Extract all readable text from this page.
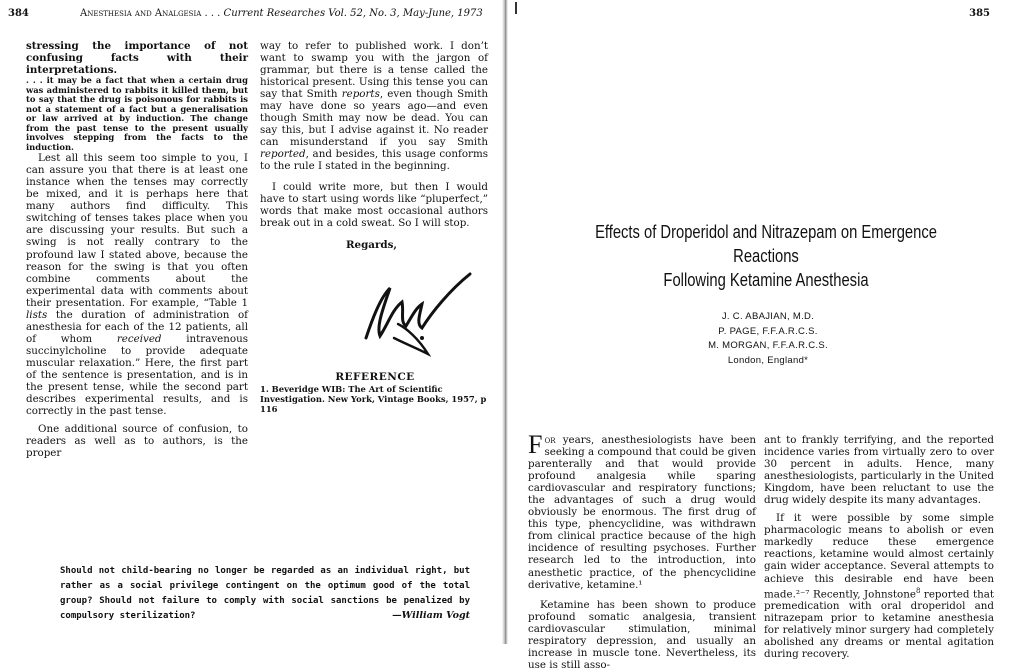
384	Anesthesia and Analgesia . . . Current Researches Vol. 52, No. 3, May-June, 1973

stressing the importance of not confusing facts with their interpretations.

. . . it may be a fact that when a certain drug was administered to rabbits it killed them, but to say that the drug is poisonous for rabbits is not a statement of a fact but a generalisation or law arrived at by induction. The change from the past tense to the present usually involves stepping from the facts to the induction.

Lest all this seem too simple to you, I can assure you that there is at least one instance when the tenses may correctly be mixed, and it is perhaps here that many authors find difficulty. This switching of tenses takes place when you are discussing your results. But such a swing is not really contrary to the profound law I stated above, because the reason for the swing is that you often combine comments about the experimental data with comments about their presentation. For example, “Table 1 lists the duration of administration of anesthesia for each of the 12 patients, all of whom received intravenous succinylcholine to provide adequate muscular relaxation.” Here, the first part of the sentence is presentation, and is in the present tense, while the second part describes experimental results, and is correctly in the past tense.

One additional source of confusion, to readers as well as to authors, is the proper

way to refer to published work. I don’t want to swamp you with the jargon of grammar, but there is a tense called the historical present. Using this tense you can say that Smith reports, even though Smith may have done so years ago—and even though Smith may now be dead. You can say this, but I advise against it. No reader can misunderstand if you say Smith reported, and besides, this usage conforms to the rule I stated in the beginning.

I could write more, but then I would have to start using words like “pluperfect,” words that make most occasional authors break out in a cold sweat. So I will stop.

Regards,

REFERENCE
1. Beveridge WIB: The Art of Scientific Investigation. New York, Vintage Books, 1957, p 116
Should not child-bearing no longer be regarded as an individual right, but rather as a social privilege contingent on the optimum good of the total group? Should not failure to comply with social sanctions be penalized by compulsory sterilization?	—William Vogt
385
Effects of Droperidol and Nitrazepam on Emergence Reactions
Following Ketamine Anesthesia
J. C. ABAJIAN, M.D.
P. PAGE, F.F.A.R.C.S.
M. MORGAN, F.F.A.R.C.S.
London, England*

For years, anesthesiologists have been seeking a compound that could be given parenterally and that would provide profound analgesia while sparing cardiovascular and respiratory functions; the advantages of such a drug would obviously be enormous. The first drug of this type, phencyclidine, was withdrawn from clinical practice because of the high incidence of resulting psychoses. Further research led to the introduction, into anesthetic practice, of the phencyclidine derivative, ketamine.¹

Ketamine has been shown to produce profound somatic analgesia, transient cardiovascular stimulation, minimal respiratory depression, and usually an increase in muscle tone. Nevertheless, its use is still asso-

ant to frankly terrifying, and the reported incidence varies from virtually zero to over 30 percent in adults. Hence, many anesthesiologists, particularly in the United Kingdom, have been reluctant to use the drug widely despite its many advantages.

If it were possible by some simple pharmacologic means to abolish or even markedly reduce these emergence reactions, ketamine would almost certainly gain wider acceptance. Several attempts to achieve this desirable end have been made.²⁻⁷ Recently, Johnstone$^8$ reported that premedication with oral droperidol and nitrazepam prior to ketamine anesthesia for relatively minor surgery had completely abolished any dreams or mental agitation during recovery.
